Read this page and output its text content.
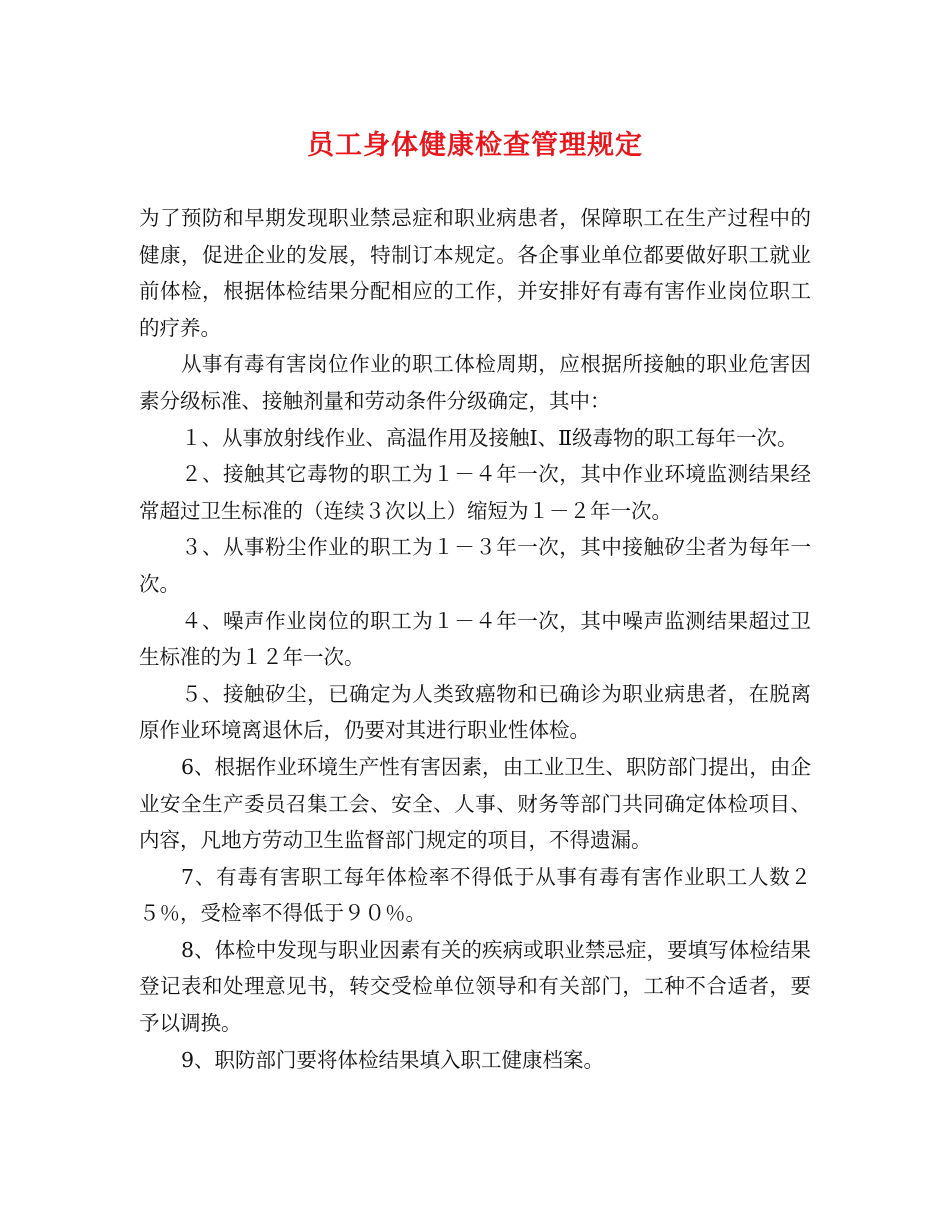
员工身体健康检查管理规定

为了预防和早期发现职业禁忌症和职业病患者，保障职工在生产过程中的健康，促进企业的发展，特制订本规定。各企事业单位都要做好职工就业前体检，根据体检结果分配相应的工作，并安排好有毒有害作业岗位职工的疗养。

从事有毒有害岗位作业的职工体检周期，应根据所接触的职业危害因素分级标准、接触剂量和劳动条件分级确定，其中：

１、从事放射线作业、高温作用及接触Ⅰ、Ⅱ级毒物的职工每年一次。

２、接触其它毒物的职工为１－４年一次，其中作业环境监测结果经常超过卫生标准的（连续３次以上）缩短为１－２年一次。

３、从事粉尘作业的职工为１－３年一次，其中接触矽尘者为每年一次。

４、噪声作业岗位的职工为１－４年一次，其中噪声监测结果超过卫生标准的为１２年一次。

５、接触矽尘，已确定为人类致癌物和已确诊为职业病患者，在脱离原作业环境离退休后，仍要对其进行职业性体检。

6、根据作业环境生产性有害因素，由工业卫生、职防部门提出，由企业安全生产委员召集工会、安全、人事、财务等部门共同确定体检项目、内容，凡地方劳动卫生监督部门规定的项目，不得遗漏。

7、有毒有害职工每年体检率不得低于从事有毒有害作业职工人数２５％，受检率不得低于９０％。

8、体检中发现与职业因素有关的疾病或职业禁忌症，要填写体检结果登记表和处理意见书，转交受检单位领导和有关部门，工种不合适者，要予以调换。

9、职防部门要将体检结果填入职工健康档案。
